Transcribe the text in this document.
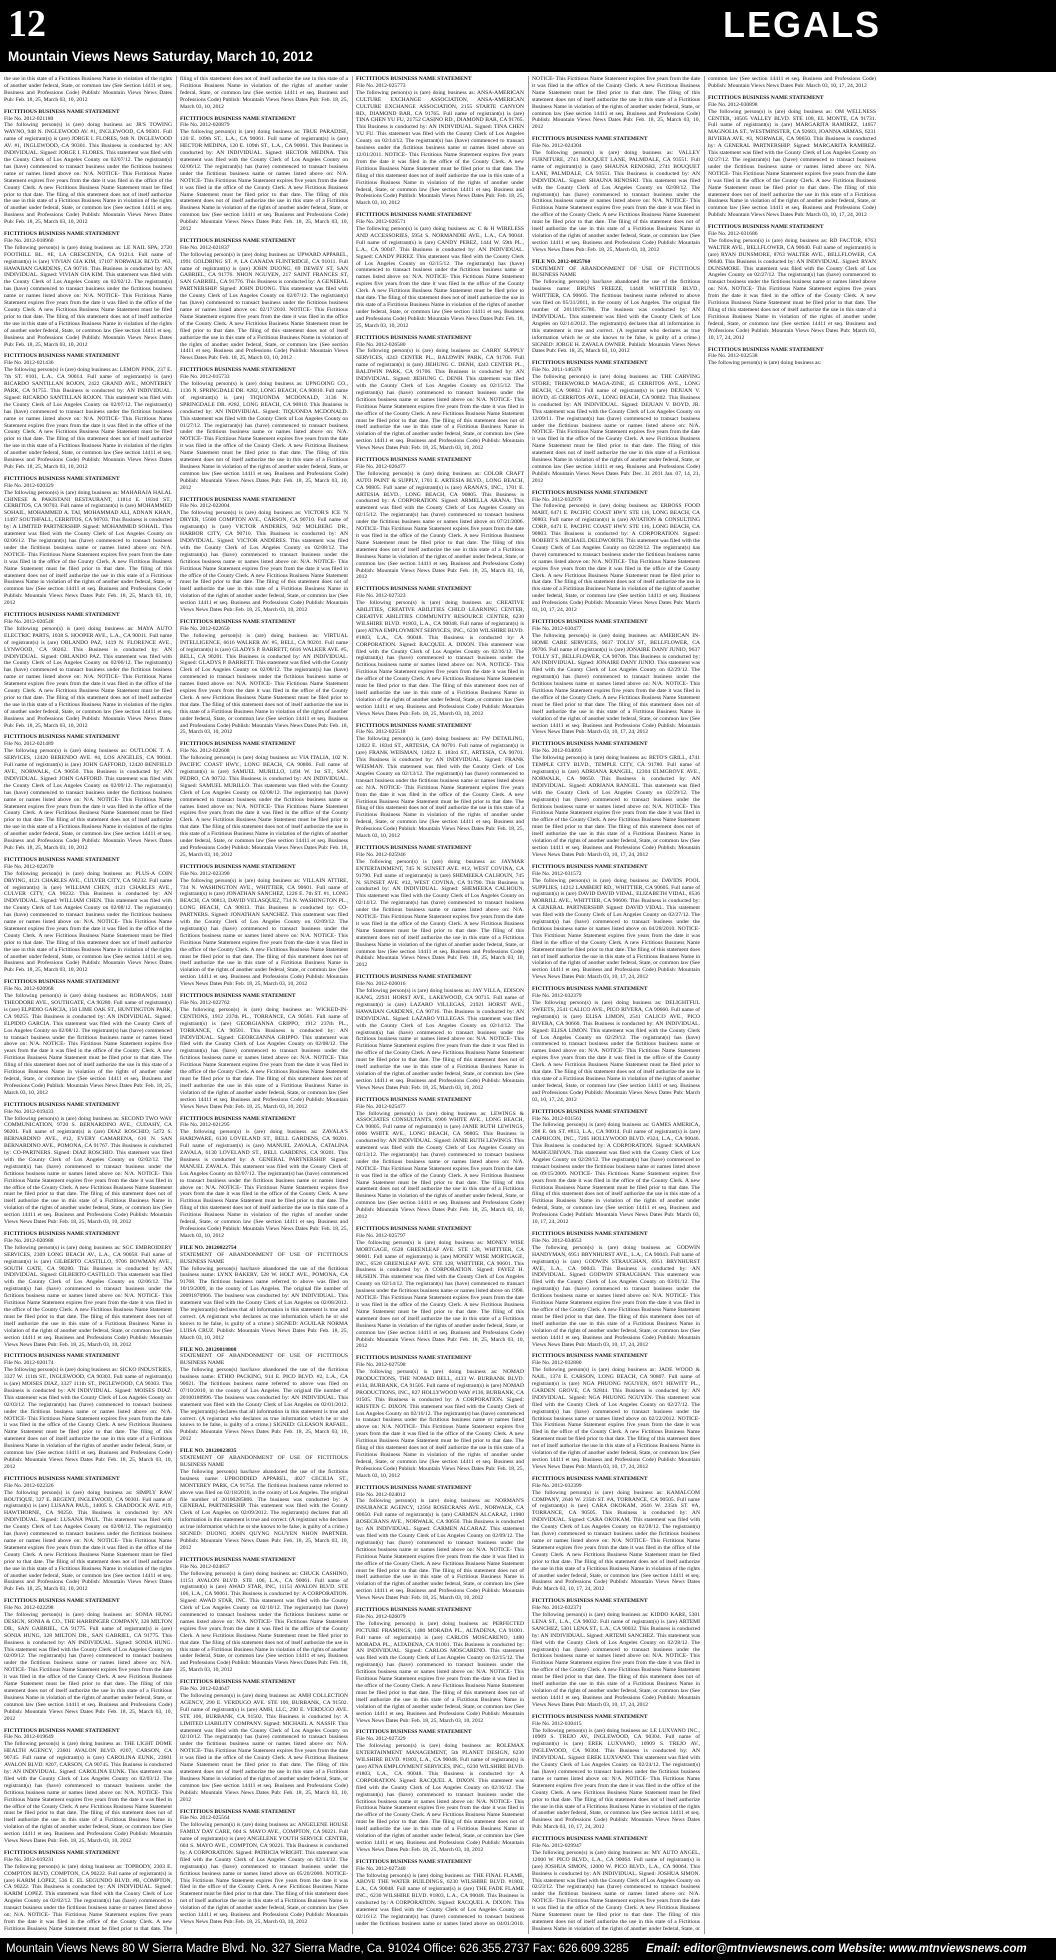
12	LEGALS
Mountain Views News Saturday, March 10, 2012

the use in this state of a Fictitious Business Name in violation of the rights of another under federal, State, or common law (See Section 14411 et seq. Business and Professions Code) Publish: Mountain Views News Dates Pub: Feb. 18, 25, March 03, 10, 2012

FICTITIOUS BUSINESS NAME STATEMENT

File No. 2012-021180

The following person(s) is (are) doing business as: JR'S TOWING WAYNO, 948 N. INGLEWOOD AV. #1, INGLEWOOD, CA 90301. Full name of registrant(s) is (are) JORGE I. FLORES, 948 N. INGLEWOOD AV. #1, INGLEWOOD, CA 90301. This Business is conducted by: AN INDIVIDUAL. Signed: JORGE I. FLORES. This statement was filed with the County Clerk of Los Angeles County on 02/07/12. The registrant(s) has (have) commenced to transact business under the fictitious business name or names listed above on: N/A. NOTICE- This Fictitious Name Statement expires five years from the date it was filed in the office of the County Clerk. A new Fictitious Business Name Statement must be filed prior to that date. The filing of this statement does not of itself authorize the use in this state of a Fictitious Business Name in violation of the rights of another under federal, State, or common law (See section 14411 et seq. Business and Professions Code) Publish: Mountain Views News Dates Pub: Feb. 18, 25, March 03, 10, 2012

FICTITIOUS BUSINESS NAME STATEMENT

File No. 2012-018960

The following person(s) is (are) doing business as: LE NAIL SPA, 2720 FOOTHILL BL. #E, LA CRESCENTA, CA 91214. Full name of registrant(s) is (are) VIVIAN GIA KIM, 17107 NORWALK BLVD. #63, HAWAIIAN GARDENS, CA 90716. This Business is conducted by: AN INDIVIDUAL. Signed: VIVIAN GIA KIM. This statement was filed with the County Clerk of Los Angeles County on 02/02/12. The registrant(s) has (have) commenced to transact business under the fictitious business name or names listed above on: N/A. NOTICE- This Fictitious Name Statement expires five years from the date it was filed in the office of the County Clerk. A new Fictitious Business Name Statement must be filed prior to that date. The filing of this statement does not of itself authorize the use in this state of a Fictitious Business Name in violation of the rights of another under federal, State, or common law (See section 14411 et seq. Business and Professions Code) Publish: Mountain Views News Dates Pub: Feb. 18, 25, March 03, 10, 2012

FICTITIOUS BUSINESS NAME STATEMENT

File No. 2012-021436

The following person(s) is (are) doing business as: LEMON PINK, 237 E. 7th ST. #101, L.A., CA 90014. Full name of registrant(s) is (are) RICARDO SANTILLAN ROJON, 2422 GRAND AVE., MONTEREY PARK, CA 91755. This Business is conducted by: AN INDIVIDUAL. Signed: RICARDO SANTILLAN ROJON. This statement was filed with the County Clerk of Los Angeles County on 02/07/12. The registrant(s) has (have) commenced to transact business under the fictitious business name or names listed above on: N/A. NOTICE- This Fictitious Name Statement expires five years from the date it was filed in the office of the County Clerk. A new Fictitious Business Name Statement must be filed prior to that date. The filing of this statement does not of itself authorize the use in this state of a Fictitious Business Name in violation of the rights of another under federal, State, or common law (See section 14411 et seq. Business and Professions Code) Publish: Mountain Views News Dates Pub: Feb. 18, 25, March 03, 10, 2012

FICTITIOUS BUSINESS NAME STATEMENT

File No. 2012-020329

The following person(s) is (are) doing business as: MAHARAJA HALAL CHINESE & PAKISTANI RESTAURANT, 11814 E. 183rd ST., CERRITOS, CA 90703. Full name of registrant(s) is (are) MOHAMMED SOHAIL, MOHAMMED A. TAI, MOHAMMAD ALI, ADNAN KHAN, 11497 SOUTHFALL, CERRITOS, CA 90703. This Business is conducted by: A LIMITED PARTNERSHIP. Signed: MOHAMMED SOHAIL. This statement was filed with the County Clerk of Los Angeles County on 02/06/12. The registrant(s) has (have) commenced to transact business under the fictitious business name or names listed above on: N/A. NOTICE- This Fictitious Name Statement expires five years from the date it was filed in the office of the County Clerk. A new Fictitious Business Name Statement must be filed prior to that date. The filing of this statement does not of itself authorize the use in this state of a Fictitious Business Name in violation of the rights of another under federal, State, or common law (See section 14411 et seq. Business and Professions Code) Publish: Mountain Views News Dates Pub: Feb. 18, 25, March 03, 10, 2012

FICTITIOUS BUSINESS NAME STATEMENT

File No. 2012-020548

The following person(s) is (are) doing business as: MAYA AUTO ELECTRIC PARTS, 1038 S. HOOPER AVE., L.A., CA 90011. Full name of registrant(s) is (are) ORLANDO PAZ, 1419 N. FLORENCE AVE., LYNWOOD, CA 90262. This Business is conducted by: AN INDIVIDUAL. Signed: ORLANDO PAZ. This statement was filed with the County Clerk of Los Angeles County on 02/06/12. The registrant(s) has (have) commenced to transact business under the fictitious business name or names listed above on: N/A. NOTICE- This Fictitious Name Statement expires five years from the date it was filed in the office of the County Clerk. A new Fictitious Business Name Statement must be filed prior to that date. The filing of this statement does not of itself authorize the use in this state of a Fictitious Business Name in violation of the rights of another under federal, State, or common law (See section 14411 et seq. Business and Professions Code) Publish: Mountain Views News Dates Pub: Feb. 18, 25, March 03, 10, 2012

FICTITIOUS BUSINESS NAME STATEMENT

File No. 2012-021489

The following person(s) is (are) doing business as: OUTLOOK T. A. SERVICES, 12420 BERENDO AVE. #4, LOS ANGELES, CA 90044. Full name of registrant(s) is (are) JOHN GAFFORD, 12420 BENFIELD AVE., NORWALK, CA 90650. This Business is conducted by: AN INDIVIDUAL. Signed: JOHN GAFFORD. This statement was filed with the County Clerk of Los Angeles County on 02/09/12. The registrant(s) has (have) commenced to transact business under the fictitious business name or names listed above on: N/A. NOTICE- This Fictitious Name Statement expires five years from the date it was filed in the office of the County Clerk. A new Fictitious Business Name Statement must be filed prior to that date. The filing of this statement does not of itself authorize the use in this state of a Fictitious Business Name in violation of the rights of another under federal, State, or common law (See section 14411 et seq. Business and Professions Code) Publish: Mountain Views News Dates Pub: Feb. 18, 25, March 03, 10, 2012

FICTITIOUS BUSINESS NAME STATEMENT

File No. 2012-022670

The following person(s) is (are) doing business as: PLUS-A COIN DRYING, 4121 CHARLES AVE., CULVER CITY, CA 90232. Full name of registrant(s) is (are) WILLIAM CHEN, 4121 CHARLES AVE., CULVER CITY, CA 90232. This Business is conducted by: AN INDIVIDUAL. Signed: WILLIAM CHEN. This statement was filed with the County Clerk of Los Angeles County on 02/08/12. The registrant(s) has (have) commenced to transact business under the fictitious business name or names listed above on: N/A. NOTICE- This Fictitious Name Statement expires five years from the date it was filed in the office of the County Clerk. A new Fictitious Business Name Statement must be filed prior to that date. The filing of this statement does not of itself authorize the use in this state of a Fictitious Business Name in violation of the rights of another under federal, State, or common law (See section 14411 et seq. Business and Professions Code) Publish: Mountain Views News Dates Pub: Feb. 18, 25, March 03, 10, 2012

FICTITIOUS BUSINESS NAME STATEMENT

File No. 2012-020968

The following person(s) is (are) doing business as: ROBANOS, 1448 THEODORE AVE., SOUTHGATE, CA 90280. Full name of registrant(s) is (are) ELPIDIO GARCIA, 150 LIME OAK ST., HUNTINGTON PARK, CA 90255. This Business is conducted by: AN INDIVIDUAL. Signed: ELPIDIO GARCIA. This statement was filed with the County Clerk of Los Angeles County on 02/08/12. The registrant(s) has (have) commenced to transact business under the fictitious business name or names listed above on: N/A. NOTICE- This Fictitious Name Statement expires five years from the date it was filed in the office of the County Clerk. A new Fictitious Business Name Statement must be filed prior to that date. The filing of this statement does not of itself authorize the use in this state of a Fictitious Business Name in violation of the rights of another under federal, State, or common law (See section 14411 et seq. Business and Professions Code) Publish: Mountain Views News Dates Pub: Feb. 18, 25, March 03, 10, 2012

FICTITIOUS BUSINESS NAME STATEMENT

File No. 2012-019433

The following person(s) is (are) doing business as: SECOND TWO WAY COMMUNICATION, 9720 S. BERNARDINO AVE., CUDAHY, CA 90201. Full name of registrant(s) is (are) DIAZ ROSCHIO, 5472 S. BERNARDINO AVE., #12, EVERY CAMARENA, 610 N. SAN BERNARDINO AVE., POMONA, CA 91767. This Business is conducted by: CO-PARTNERS. Signed: DIAZ ROSCHIO. This statement was filed with the County Clerk of Los Angeles County on 02/02/12. The registrant(s) has (have) commenced to transact business under the fictitious business name or names listed above on: N/A. NOTICE- This Fictitious Name Statement expires five years from the date it was filed in the office of the County Clerk. A new Fictitious Business Name Statement must be filed prior to that date. The filing of this statement does not of itself authorize the use in this state of a Fictitious Business Name in violation of the rights of another under federal, State, or common law (See section 14411 et seq. Business and Professions Code) Publish: Mountain Views News Dates Pub: Feb. 18, 25, March 03, 10, 2012

FICTITIOUS BUSINESS NAME STATEMENT

File No. 2012-020988

The following person(s) is (are) doing business as: SGC EMBROIDERY SERVICES, 2309 LONG BEACH AV., L.A., CA 90058. Full name of registrant(s) is (are) GILBERTO CASTILLO, 9706 BOWMAN AVE., SOUTH GATE, CA 90280. This Business is conducted by: AN INDIVIDUAL. Signed: GILBERTO CASTILLO. This statement was filed with the County Clerk of Los Angeles County on 02/06/12. The registrant(s) has (have) commenced to transact business under the fictitious business name or names listed above on: N/A. NOTICE- This Fictitious Name Statement expires five years from the date it was filed in the office of the County Clerk. A new Fictitious Business Name Statement must be filed prior to that date. The filing of this statement does not of itself authorize the use in this state of a Fictitious Business Name in violation of the rights of another under federal, State, or common law (See section 14411 et seq. Business and Professions Code) Publish: Mountain Views News Dates Pub: Feb. 18, 25, March 03, 10, 2012

FICTITIOUS BUSINESS NAME STATEMENT

File No. 2012-020174

The following person(s) is (are) doing business as: SICKO INDUSTRIES, 3327 W. 111th ST., INGLEWOOD, CA 90303. Full name of registrant(s) is (are) MOISES DIAZ, 3327 111th ST., INGLEWOOD, CA 90303. This Business is conducted by: AN INDIVIDUAL. Signed: MOISES DIAZ. This statement was filed with the County Clerk of Los Angeles County on 02/03/12. The registrant(s) has (have) commenced to transact business under the fictitious business name or names listed above on: N/A. NOTICE- This Fictitious Name Statement expires five years from the date it was filed in the office of the County Clerk. A new Fictitious Business Name Statement must be filed prior to that date. The filing of this statement does not of itself authorize the use in this state of a Fictitious Business Name in violation of the rights of another under federal, State, or common law (See section 14411 et seq. Business and Professions Code) Publish: Mountain Views News Dates Pub: Feb. 18, 25, March 03, 10, 2012

FICTITIOUS BUSINESS NAME STATEMENT

File No. 2012-022326

The following person(s) is (are) doing business as: SIMPLY RAW BOUTIQUE, 327 E. REGENT, INGLEWOOD, CA 90301. Full name of registrant(s) is (are) LUSANA PAUL, 14005 S. CRADDOCK AVE. #19, HAWTHORNE, CA 90250. This Business is conducted by: AN INDIVIDUAL. Signed: LUSANA PAUL. This statement was filed with the County Clerk of Los Angeles County on 02/08/12. The registrant(s) has (have) commenced to transact business under the fictitious business name or names listed above on: N/A. NOTICE- This Fictitious Name Statement expires five years from the date it was filed in the office of the County Clerk. A new Fictitious Business Name Statement must be filed prior to that date. The filing of this statement does not of itself authorize the use in this state of a Fictitious Business Name in violation of the rights of another under federal, State, or common law (See section 14411 et seq. Business and Professions Code) Publish: Mountain Views News Dates Pub: Feb. 18, 25, March 03, 10, 2012

FICTITIOUS BUSINESS NAME STATEMENT

File No. 2012-022298

The following person(s) is (are) doing business as: SONIA HUNG DESIGN, SONIA & CO., THE HARBINGER COMPANY, 328 MILTON DR., SAN GABRIEL, CA 91775. Full name of registrant(s) is (are) SONIA HUNG, 328 MILTON DR., SAN GABRIEL, CA 91775. This Business is conducted by: AN INDIVIDUAL. Signed: SONIA HUNG. This statement was filed with the County Clerk of Los Angeles County on 02/09/12. The registrant(s) has (have) commenced to transact business under the fictitious business name or names listed above on: N/A. NOTICE- This Fictitious Name Statement expires five years from the date it was filed in the office of the County Clerk. A new Fictitious Business Name Statement must be filed prior to that date. The filing of this statement does not of itself authorize the use in this state of a Fictitious Business Name in violation of the rights of another under federal, State, or common law (See section 14411 et seq. Business and Professions Code) Publish: Mountain Views News Dates Pub: Feb. 18, 25, March 03, 10, 2012

FICTITIOUS BUSINESS NAME STATEMENT

File No. 2012-019649

The following person(s) is (are) doing business as: THE LIGHT DOME HEALTH AGENCY, 23601 AVALON BLVD. #207, CARSON, CA 90745. Full name of registrant(s) is (are) CAROLINA EUNK, 23601 AVALON BLVD. #207, CARSON, CA 90745. This Business is conducted by: AN INDIVIDUAL. Signed: CAROLINA EUNK. This statement was filed with the County Clerk of Los Angeles County on 02/03/12. The registrant(s) has (have) commenced to transact business under the fictitious business name or names listed above on: N/A. NOTICE- This Fictitious Name Statement expires five years from the date it was filed in the office of the County Clerk. A new Fictitious Business Name Statement must be filed prior to that date. The filing of this statement does not of itself authorize the use in this state of a Fictitious Business Name in violation of the rights of another under federal, State, or common law (See section 14411 et seq. Business and Professions Code) Publish: Mountain Views News Dates Pub: Feb. 18, 25, March 03, 10, 2012

FICTITIOUS BUSINESS NAME STATEMENT

File No. 2012-019231

The following person(s) is (are) doing business as: TOPBODY, 2303 E. COMPTON BLVD, COMPTON, CA 90222. Full name of registrant(s) is (are) KARIM LOPEZ, 536 E. EL SEGUNDO BLVD. #B, COMPTON, CA 90222. This Business is conducted by: AN INDIVIDUAL. Signed: KARIM LOPEZ. This statement was filed with the County Clerk of Los Angeles County on 02/02/12. The registrant(s) has (have) commenced to transact business under the fictitious business name or names listed above on: N/A. NOTICE- This Fictitious Name Statement expires five years from the date it was filed in the office of the County Clerk. A new Fictitious Business Name Statement must be filed prior to that date. The filing of this statement does not of itself authorize the use in this state of a Fictitious Business Name in violation of the rights of another under federal, State, or common law (See section 14411 et seq. Business and Professions Code) Publish: Mountain Views News Dates Pub: Feb. 18, 25, March 03, 10, 2012

FICTITIOUS BUSINESS NAME STATEMENT

File No. 2012-020879

The following person(s) is (are) doing business as: TRUE PARADISE, 120 E. 109th ST., L.A., CA 90061. Full name of registrant(s) is (are) HECTOR MEDINA, 120 E. 109th ST., L.A., CA 90061. This Business is conducted by: AN INDIVIDUAL. Signed: HECTOR MEDINA. This statement was filed with the County Clerk of Los Angeles County on 02/06/12. The registrant(s) has (have) commenced to transact business under the fictitious business name or names listed above on: N/A. NOTICE- This Fictitious Name Statement expires five years from the date it was filed in the office of the County Clerk. A new Fictitious Business Name Statement must be filed prior to that date. The filing of this statement does not of itself authorize the use in this state of a Fictitious Business Name in violation of the rights of another under federal, State, or common law (See section 14411 et seq. Business and Professions Code) Publish: Mountain Views News Dates Pub: Feb. 18, 25, March 03, 10, 2012

FICTITIOUS BUSINESS NAME STATEMENT

File No. 2012-021837

The following person(s) is (are) doing business as: UPWARD APPAREL, 1991 GOLDRING ST. #, LA CANADA FLINTRIDGE, CA 91011. Full name of registrant(s) is (are) JOHN DUONG, 69 DEWEY ST, SAN GABRIEL, CA 91776. NHON NGUYEN, 217 SAINT FRANCES ST, SAN GABRIEL, CA 91776. This Business is conducted by: A GENERAL PARTNERSHIP. Signed: JOHN DUONG. This statement was filed with the County Clerk of Los Angeles County on 02/07/12. The registrant(s) has (have) commenced to transact business under the fictitious business name or names listed above on: 02/17/2010. NOTICE- This Fictitious Name Statement expires five years from the date it was filed in the office of the County Clerk. A new Fictitious Business Name Statement must be filed prior to that date. The filing of this statement does not of itself authorize the use in this state of a Fictitious Business Name in violation of the rights of another under federal, State, or common law (See section 14411 et seq. Business and Professions Code) Publish: Mountain Views News Dates Pub: Feb. 18, 25, March 03, 10, 2012

FICTITIOUS BUSINESS NAME STATEMENT

File No. 2012-015733

The following person(s) is (are) doing business as: UPNGOING CO., 1136 N. SPRINGDALE DR. #282, LONG BEACH, CA 90810. Full name of registrant(s) is (are) TIQUONDA MCDONALD, 3136 N. SPRINGDALE DR. #282, LONG BEACH, CA 90810. This Business is conducted by: AN INDIVIDUAL. Signed: TIQUONDA MCDONALD. This statement was filed with the County Clerk of Los Angeles County on 01/27/12. The registrant(s) has (have) commenced to transact business under the fictitious business name or names listed above on: N/A. NOTICE- This Fictitious Name Statement expires five years from the date it was filed in the office of the County Clerk. A new Fictitious Business Name Statement must be filed prior to that date. The filing of this statement does not of itself authorize the use in this state of a Fictitious Business Name in violation of the rights of another under federal, State, or common law (See section 14411 et seq. Business and Professions Code) Publish: Mountain Views News Dates Pub: Feb. 18, 25, March 03, 10, 2012

FICTITIOUS BUSINESS NAME STATEMENT

File No. 2012-022004

The following person(s) is (are) doing business as: VICTOR'S ICE 'N DRYER, 15600 COMPTON AVE., CARSON, CA 90710. Full name of registrant(s) is (are) VICTOR ANDERES, 942 MOLBERG DR., HARBOR CITY, CA 90710. This Business is conducted by: AN INDIVIDUAL. Signed: VICTOR ANDERES. This statement was filed with the County Clerk of Los Angeles County on 02/08/12. The registrant(s) has (have) commenced to transact business under the fictitious business name or names listed above on: N/A. NOTICE- This Fictitious Name Statement expires five years from the date it was filed in the office of the County Clerk. A new Fictitious Business Name Statement must be filed prior to that date. The filing of this statement does not of itself authorize the use in this state of a Fictitious Business Name in violation of the rights of another under federal, State, or common law (See section 14411 et seq. Business and Professions Code) Publish: Mountain Views News Dates Pub: Feb. 18, 25, March 03, 10, 2012

FICTITIOUS BUSINESS NAME STATEMENT

File No. 2012-022650

The following person(s) is (are) doing business as: VIRTUAL INTELLIGENCE, 6616 WALKER AV. #5, BELL, CA 90201. Full name of registrant(s) is (are) GLADYS P. BARRETT, 6616 WALKER AVE. #5, BELL, CA 90201. This Business is conducted by: AN INDIVIDUAL. Signed: GLADYS P. BARRETT. This statement was filed with the County Clerk of Los Angeles County on 02/08/12. The registrant(s) has (have) commenced to transact business under the fictitious business name or names listed above on: N/A. NOTICE- This Fictitious Name Statement expires five years from the date it was filed in the office of the County Clerk. A new Fictitious Business Name Statement must be filed prior to that date. The filing of this statement does not of itself authorize the use in this state of a Fictitious Business Name in violation of the rights of another under federal, State, or common law (See section 14411 et seq. Business and Professions Code) Publish: Mountain Views News Dates Pub: Feb. 18, 25, March 03, 10, 2012

FICTITIOUS BUSINESS NAME STATEMENT

File No. 2012-022608

The following person(s) is (are) doing business as: VIA ITALIA, 102 N. PACIFIC COAST HWY., LONG BEACH, CA 90806. Full name of registrant(s) is (are) SAMUEL MURILLO, 1494 W. 1st ST., SAN PEDRO, CA 90732. This Business is conducted by: AN INDIVIDUAL. Signed: SAMUEL MURILLO. This statement was filed with the County Clerk of Los Angeles County on 02/08/12. The registrant(s) has (have) commenced to transact business under the fictitious business name or names listed above on: N/A. NOTICE- This Fictitious Name Statement expires five years from the date it was filed in the office of the County Clerk. A new Fictitious Business Name Statement must be filed prior to that date. The filing of this statement does not of itself authorize the use in this state of a Fictitious Business Name in violation of the rights of another under federal, State, or common law (See section 14411 et seq. Business and Professions Code) Publish: Mountain Views News Dates Pub: Feb. 18, 25, March 03, 10, 2012

FICTITIOUS BUSINESS NAME STATEMENT

File No. 2012-023390

The following person(s) is (are) doing business as: VILLAIN ATTIRE, 734 N. WASHINGTON AVE., WHITTIER, CA 90601. Full name of registrant(s) is (are) JONATHAN SANCHEZ, 1226 E. 7th ST. #1, LONG BEACH, CA 90813, DAVID VELASQUEZ, 734 N. WASHINGTON PL., LONG BEACH, CA 90813. This Business is conducted by: CO-PARTNERS. Signed: JONATHAN SANCHEZ. This statement was filed with the County Clerk of Los Angeles County on 02/09/12. The registrant(s) has (have) commenced to transact business under the fictitious business name or names listed above on: N/A. NOTICE- This Fictitious Name Statement expires five years from the date it was filed in the office of the County Clerk. A new Fictitious Business Name Statement must be filed prior to that date. The filing of this statement does not of itself authorize the use in this state of a Fictitious Business Name in violation of the rights of another under federal, State, or common law (See section 14411 et seq. Business and Professions Code) Publish: Mountain Views News Dates Pub: Feb. 18, 25, March 03, 10, 2012

FICTITIOUS BUSINESS NAME STATEMENT

File No. 2012-022762

The following person(s) is (are) doing business as: WICKED-IN-CENTIONS, 1912 237th PL., TORRANCE, CA 90501. Full name of registrant(s) is (are) GEORGIANNA GRIPPO, 1912 237th PL., TORRANCE, CA 90501. This Business is conducted by: AN INDIVIDUAL. Signed: GEORGIANNA GRIPPO. This statement was filed with the County Clerk of Los Angeles County on 02/08/12. The registrant(s) has (have) commenced to transact business under the fictitious business name or names listed above on: N/A. NOTICE- This Fictitious Name Statement expires five years from the date it was filed in the office of the County Clerk. A new Fictitious Business Name Statement must be filed prior to that date. The filing of this statement does not of itself authorize the use in this state of a Fictitious Business Name in violation of the rights of another under federal, State, or common law (See section 14411 et seq. Business and Professions Code) Publish: Mountain Views News Dates Pub: Feb. 18, 25, March 03, 10, 2012

FICTITIOUS BUSINESS NAME STATEMENT

File No. 2012-021295

The following person(s) is (are) doing business as: ZAVALA'S HARDWARE, 6130 LOVELAND ST., BELL GARDENS, CA 90201. Full name of registrant(s) is (are) MANUEL ZAVALA, CATALINA ZAVALA, 6130 LOVELAND ST., BELL GARDENS, CA 90201. This Business is conducted by: A GENERAL PARTNERSHIP. Signed: MANUEL ZAVALA. This statement was filed with the County Clerk of Los Angeles County on 02/07/12. The registrant(s) has (have) commenced to transact business under the fictitious business name or names listed above on: N/A. NOTICE- This Fictitious Name Statement expires five years from the date it was filed in the office of the County Clerk. A new Fictitious Business Name Statement must be filed prior to that date. The filing of this statement does not of itself authorize the use in this state of a Fictitious Business Name in violation of the rights of another under federal, State, or common law (See section 14411 et seq. Business and Professions Code) Publish: Mountain Views News Dates Pub: Feb. 18, 25, March 03, 10, 2012

FILE NO. 20120022754

STATEMENT OF ABANDONMENT OF USE OF FICTITIOUS BUSINESS NAME

The following person(s) has/have abandoned the use of the fictitious business name: LYNX BAKERY, 528 W. HOLT AVE., POMONA, CA 91768. The fictitious business name referred to above was filed on 10/19/2009, in the county of Los Angeles. The original file number of 20091870966. The business was conducted by: AN INDIVIDUAL. This statement was filed with the County Clerk of Los Angeles on 02/08/2012. The registrant(s) declares that all information in this statement is true and correct. (A registrant who declares as true information which he or she knows to be false, is guilty of a crime.) SIGNED: AGUILAR NORMA LUISA CRUZ. Publish: Mountain Views News Dates Pub: Feb. 18, 25, March 03, 10, 2012

FILE NO. 20120018808

STATEMENT OF ABANDONMENT OF USE OF FICTITIOUS BUSINESS NAME

The following person(s) has/have abandoned the use of the fictitious business name: ETHIO PACKING, 914 E. PICO BLVD. #2, L.A., CA 90021. The fictitious business name referred to above was filed on 07/10/2010, in the county of Los Angeles. The original file number of 20100180996. The business was conducted by: AN INDIVIDUAL. This statement was filed with the County Clerk of Los Angeles on 02/01/2012. The registrant(s) declares that all information in this statement is true and correct. (A registrant who declares as true information which he or she knows to be false, is guilty of a crime.) SIGNED: GLEASON RAFAEL. Publish: Mountain Views News Dates Pub: Feb. 18, 25, March 03, 10, 2012

FILE NO. 20120023835

STATEMENT OF ABANDONMENT OF USE OF FICTITIOUS BUSINESS NAME

The following person(s) has/have abandoned the use of the fictitious business name: UPBODDIED APPAREL, 4027 CECILIA ST., MONTEREY PARK, CA 91754. The fictitious business name referred to above was filed on 02/18/2010, in the county of Los Angeles. The original file number of 20100285806. The business was conducted by: A GENERAL PARTNERSHIP. This statement was filed with the County Clerk of Los Angeles on 02/09/2012. The registrant(s) declares that all information in this statement is true and correct. (A registrant who declares as true information which he or she knows to be false, is guilty of a crime.) SIGNED: DUONG JOHN QUYNG NGUYEN NHON PARTNER. Publish: Mountain Views News Dates Pub: Feb. 18, 25, March 03, 10, 2012

FICTITIOUS BUSINESS NAME STATEMENT

File No. 2012-024857

The following person(s) is (are) doing business as: CHUCK CASHINO, 11151 AVALON BLVD. STE 106, L.A., CA 90061. Full name of registrant(s) is (are) AWAD STAR, INC, 11151 AVALON BLVD. STE 106, L.A., CA 90061. This Business is conducted by: A CORPORATION. Signed: AWAD STAR, INC. This statement was filed with the County Clerk of Los Angeles County on 02/10/12. The registrant(s) has (have) commenced to transact business under the fictitious business name or names listed above on: N/A. NOTICE- This Fictitious Name Statement expires five years from the date it was filed in the office of the County Clerk. A new Fictitious Business Name Statement must be filed prior to that date. The filing of this statement does not of itself authorize the use in this state of a Fictitious Business Name in violation of the rights of another under federal, State, or common law (See section 14411 et seq. Business and Professions Code) Publish: Mountain Views News Dates Pub: Feb. 18, 25, March 03, 10, 2012

FICTITIOUS BUSINESS NAME STATEMENT

File No. 2012-024647

The following person(s) is (are) doing business as: AMH COLLECTION AGENCY, 290 E. VERDUGO AVE. STE 106, BURBANK, CA 91502. Full name of registrant(s) is (are) AMH, LLC, 290 E. VERDUGO AVE. STE 106, BURBANK, CA 91502. This Business is conducted by: A LIMITED LIABILITY COMPANY. Signed: MICHAEL A. NASSIF. This statement was filed with the County Clerk of Los Angeles County on 02/10/12. The registrant(s) has (have) commenced to transact business under the fictitious business name or names listed above on: N/A. NOTICE- This Fictitious Name Statement expires five years from the date it was filed in the office of the County Clerk. A new Fictitious Business Name Statement must be filed prior to that date. The filing of this statement does not of itself authorize the use in this state of a Fictitious Business Name in violation of the rights of another under federal, State, or common law (See section 14411 et seq. Business and Professions Code) Publish: Mountain Views News Dates Pub: Feb. 18, 25, March 03, 10, 2012

FICTITIOUS BUSINESS NAME STATEMENT

File No. 2012-025564

The following person(s) is (are) doing business as: ANGELENE HOUSE FAMILY DAY CARE, 604 S. MAYO AVE., COMPTON, CA 90221. Full name of registrant(s) is (are) ANGELENE YOUTH SERVICE CENTER, 604 S. MAYO AVE., COMPTON, CA 90221. This Business is conducted by: A CORPORATION. Signed: PATRICIA WRIGHT. This statement was filed with the County Clerk of Los Angeles County on 02/14/12. The registrant(s) has (have) commenced to transact business under the fictitious business name or names listed above on 05/20/2000. NOTICE- This Fictitious Name Statement expires five years from the date it was filed in the office of the County Clerk. A new Fictitious Business Name Statement must be filed prior to that date. The filing of this statement does not of itself authorize the use in this state of a Fictitious Business Name in violation of the rights of another under federal, State, or common law (See section 14411 et seq. Business and Professions Code) Publish: Mountain Views News Dates Pub: Feb. 18, 25, March 03, 10, 2012

FICTITIOUS BUSINESS NAME STATEMENT

File No. 2012-025773

The following person(s) is (are) doing business as: ANSA-AMERICAN CULTURE EXCHANGE ASSOCIATION, ANSA-AMERICAN CULTURE EXCHANGE ASSOCIATION, 2155 STARTE CANYON RD., DIAMOND BAR, CA 91765. Full name of registrant(s) is (are) TINA CHEN YU FU, 21752 CASINO RD., DIAMOND BAR, CA 91765. This Business is conducted by: AN INDIVIDUAL. Signed: TINA CHEN YU FU. This statement was filed with the County Clerk of Los Angeles County on 02/14/12. The registrant(s) has (have) commenced to transact business under the fictitious business name or names listed above on 12/01/2011. NOTICE- This Fictitious Name Statement expires five years from the date it was filed in the office of the County Clerk. A new Fictitious Business Name Statement must be filed prior to that date. The filing of this statement does not of itself authorize the use in this state of a Fictitious Business Name in violation of the rights of another under federal, State, or common law (See section 14411 et seq. Business and Professions Code) Publish: Mountain Views News Dates Pub: Feb. 18, 25, March 03, 10, 2012

FICTITIOUS BUSINESS NAME STATEMENT

File No. 2012-026571

The following person(s) is (are) doing business as: C & H WIRELESS AND ACCESSORIES, 5954 S. NORMANDIE AVE., L.A., CA 90044. Full name of registrant(s) is (are) CANDY PEREZ, 1444 W. 59th PL., L.A., CA 90047. This Business is conducted by: AN INDIVIDUAL. Signed: CANDY PEREZ. This statement was filed with the County Clerk of Los Angeles County on 02/15/12. The registrant(s) has (have) commenced to transact business under the fictitious business name or names listed above on: N/A. NOTICE- This Fictitious Name Statement expires five years from the date it was filed in the office of the County Clerk. A new Fictitious Business Name Statement must be filed prior to that date. The filing of this statement does not of itself authorize the use in this state of a Fictitious Business Name in violation of the rights of another under federal, State, or common law (See section 14411 et seq. Business and Professions Code) Publish: Mountain Views News Dates Pub: Feb. 18, 25, March 03, 10, 2012

FICTITIOUS BUSINESS NAME STATEMENT

File No. 2012-026580

The following person(s) is (are) doing business as: CARRY SUPPLY SERVICES, 4243 CENTER PL., BALDWIN PARK, CA 91706. Full name of registrant(s) is (are) JIEHUNG C. DENH, 4243 CENTER PL., BALDWIN PARK, CA 91706. This Business is conducted by: AN INDIVIDUAL. Signed: JIEHUNG C. DENH. This statement was filed with the County Clerk of Los Angeles County on 02/15/12. The registrant(s) has (have) commenced to transact business under the fictitious business name or names listed above on: N/A. NOTICE- This Fictitious Name Statement expires five years from the date it was filed in the office of the County Clerk. A new Fictitious Business Name Statement must be filed prior to that date. The filing of this statement does not of itself authorize the use in this state of a Fictitious Business Name in violation of the rights of another under federal, State, or common law (See section 14411 et seq. Business and Professions Code) Publish: Mountain Views News Dates Pub: Feb. 18, 25, March 03, 10, 2012

FICTITIOUS BUSINESS NAME STATEMENT

File No. 2012-026477

The following person(s) is (are) doing business as: COLOR CRAFT AUTO PAINT & SUPPLY, 1701 E. ARTESIA BLVD., LONG BEACH, CA 90805. Full name of registrant(s) is (are) ARANA'S, INC., 1701 E. ARTESIA BLVD., LONG BEACH, CA 90805. This Business is conducted by: A CORPORATION. Signed: ARMELLA ARANA. This statement was filed with the County Clerk of Los Angeles County on 02/15/12. The registrant(s) has (have) commenced to transact business under the fictitious business name or names listed above on 07/21/2006. NOTICE- This Fictitious Name Statement expires five years from the date it was filed in the office of the County Clerk. A new Fictitious Business Name Statement must be filed prior to that date. The filing of this statement does not of itself authorize the use in this state of a Fictitious Business Name in violation of the rights of another under federal, State, or common law (See section 14411 et seq. Business and Professions Code) Publish: Mountain Views News Dates Pub: Feb. 18, 25, March 03, 10, 2012

FICTITIOUS BUSINESS NAME STATEMENT

File No. 2012-027323

The following person(s) is (are) doing business as: CREATIVE ABILITIES, CREATIVE ABILITIES CHILD LEARNING CENTER, CREATIVE ABILITIES COMMUNITY RESOURCE CENTER, 6230 WILSHIRE BLVD. #1803, L.A., CA 90048. Full name of registrant(s) is (are) ATNA EMPLOYMENT SERVICES, INC., 6230 WILSHIRE BLVD. #1803, L.A., CA 90048. This Business is conducted by: A CORPORATION. Signed: RACQUEL A. DIXON. This statement was filed with the County Clerk of Los Angeles County on 02/16/12. The registrant(s) has (have) commenced to transact business under the fictitious business name or names listed above on: N/A. NOTICE- This Fictitious Name Statement expires five years from the date it was filed in the office of the County Clerk. A new Fictitious Business Name Statement must be filed prior to that date. The filing of this statement does not of itself authorize the use in this state of a Fictitious Business Name in violation of the rights of another under federal, State, or common law (See section 14411 et seq. Business and Professions Code) Publish: Mountain Views News Dates Pub: Feb. 18, 25, March 03, 10, 2012

FICTITIOUS BUSINESS NAME STATEMENT

File No. 2012-025518

The following person(s) is (are) doing business as: FW DETAILING, 12022 E. 183rd ST., ARTESIA, CA 90701. Full name of registrant(s) is (are) FRANK WEISMAN, 12022 E. 183rd ST., ARTESIA, CA 90701. This Business is conducted by: AN INDIVIDUAL. Signed: FRANK WEISMAN. This statement was filed with the County Clerk of Los Angeles County on 02/13/12. The registrant(s) has (have) commenced to transact business under the fictitious business name or names listed above on: N/A. NOTICE- This Fictitious Name Statement expires five years from the date it was filed in the office of the County Clerk. A new Fictitious Business Name Statement must be filed prior to that date. The filing of this statement does not of itself authorize the use in this state of a Fictitious Business Name in violation of the rights of another under federal, State, or common law (See section 14411 et seq. Business and Professions Code) Publish: Mountain Views News Dates Pub: Feb. 18, 25, March 03, 10, 2012

FICTITIOUS BUSINESS NAME STATEMENT

File No. 2012-025946

The following person(s) is (are) doing business as: JAYMAR ENTERTAINMENT, 745 N. SUNSET AVE. #12, WEST COVINA, CA 91790. Full name of registrant(s) is (are) SHEMEEKA CALHOUN, 745 N. SUNSET AVE. #12, WEST COVINA, CA 91790. This Business is conducted by: AN INDIVIDUAL. Signed: SHEMEEKA CALHOUN. This statement was filed with the County Clerk of Los Angeles County on 02/14/12. The registrant(s) has (have) commenced to transact business under the fictitious business name or names listed above on: N/A. NOTICE- This Fictitious Name Statement expires five years from the date it was filed in the office of the County Clerk. A new Fictitious Business Name Statement must be filed prior to that date. The filing of this statement does not of itself authorize the use in this state of a Fictitious Business Name in violation of the rights of another under federal, State, or common law (See section 14411 et seq. Business and Professions Code) Publish: Mountain Views News Dates Pub: Feb. 18, 25, March 03, 10, 2012

FICTITIOUS BUSINESS NAME STATEMENT

File No. 2012-026016

The following person(s) is (are) doing business as: JAY VILLA, EDISON KANG, 22931 HORST AVE., LAKEWOOD, CA 90715. Full name of registrant(s) is (are) LAZARO VILLEGAS, 21921 HORST AVE., HAWAIIAN GARDENS, CA 90716. This Business is conducted by: AN INDIVIDUAL. Signed: LAZARO VILLEGAS. This statement was filed with the County Clerk of Los Angeles County on 02/14/12. The registrant(s) has (have) commenced to transact business under the fictitious business name or names listed above on: N/A. NOTICE- This Fictitious Name Statement expires five years from the date it was filed in the office of the County Clerk. A new Fictitious Business Name Statement must be filed prior to that date. The filing of this statement does not of itself authorize the use in this state of a Fictitious Business Name in violation of the rights of another under federal, State, or common law (See section 14411 et seq. Business and Professions Code) Publish: Mountain Views News Dates Pub: Feb. 18, 25, March 03, 10, 2012

FICTITIOUS BUSINESS NAME STATEMENT

File No. 2012-025477

The following person(s) is (are) doing business as: LEWINGS & ASSOCIATES CONSULTANTS, 6906 WHITE AVE., LONG BEACH, CA 90805. Full name of registrant(s) is (are) JANIE RUTH LEWINGS, 6906 WHITE AVE., LONG BEACH, CA 90805. This Business is conducted by: AN INDIVIDUAL. Signed: JANIE RUTH LEWINGS. This statement was filed with the County Clerk of Los Angeles County on 02/13/12. The registrant(s) has (have) commenced to transact business under the fictitious business name or names listed above on: N/A. NOTICE- This Fictitious Name Statement expires five years from the date it was filed in the office of the County Clerk. A new Fictitious Business Name Statement must be filed prior to that date. The filing of this statement does not of itself authorize the use in this state of a Fictitious Business Name in violation of the rights of another under federal, State, or common law (See section 14411 et seq. Business and Professions Code) Publish: Mountain Views News Dates Pub: Feb. 18, 25, March 03, 10, 2012

FICTITIOUS BUSINESS NAME STATEMENT

File No. 2012-025797

The following person(s) is (are) doing business as: MONEY WISE MORTGAGE, 6528 GREENLEAF AVE. STE 128, WHITTIER, CA 90601. Full name of registrant(s) is (are) MONEY WISE MORTGAGE, INC., 6528 GREENLEAF AVE. STE 128, WHITTIER, CA 90601. This Business is conducted by: A CORPORATION. Signed: FAYEZ H. HUSEIN. This statement was filed with the County Clerk of Los Angeles County on 02/14/12. The registrant(s) has (have) commenced to transact business under the fictitious business name or names listed above on 1998. NOTICE- This Fictitious Name Statement expires five years from the date it was filed in the office of the County Clerk. A new Fictitious Business Name Statement must be filed prior to that date. The filing of this statement does not of itself authorize the use in this state of a Fictitious Business Name in violation of the rights of another under federal, State, or common law (See section 14411 et seq. Business and Professions Code) Publish: Mountain Views News Dates Pub: Feb. 18, 25, March 03, 10, 2012

FICTITIOUS BUSINESS NAME STATEMENT

File No. 2012-027598

The following person(s) is (are) doing business as: NOMAD PRODUCTIONS, THE NOMAD BELL, 4133 W. BURBANK BLVD. #134, BURBANK, CA 91505. Full name of registrant(s) is (are) NOMAD PRODUCTIONS, INC., 827 HOLLYWOOD WAY #136, BURBANK, CA 91505. This Business is conducted by: A CORPORATION. Signed: KRISTEN C. DIXON. This statement was filed with the County Clerk of Los Angeles County on 02/16/12. The registrant(s) has (have) commenced to transact business under the fictitious business name or names listed above on: N/A. NOTICE- This Fictitious Name Statement expires five years from the date it was filed in the office of the County Clerk. A new Fictitious Business Name Statement must be filed prior to that date. The filing of this statement does not of itself authorize the use in this state of a Fictitious Business Name in violation of the rights of another under federal, State, or common law (See section 14411 et seq. Business and Professions Code) Publish: Mountain Views News Dates Pub: Feb. 18, 25, March 03, 10, 2012

FICTITIOUS BUSINESS NAME STATEMENT

File No. 2012-024012

The following person(s) is (are) doing business as: NORMAN'S INSURANCE AGENCY, 12564 ROSECRANS AVE., NORWALK, CA 90650. Full name of registrant(s) is (are) CARMEN ALCARAZ, 11980 ROSECRANS AVE., NORWALK, CA 90650. This Business is conducted by: AN INDIVIDUAL. Signed: CARMEN ALCARAZ. This statement was filed with the County Clerk of Los Angeles County on 02/09/12. The registrant(s) has (have) commenced to transact business under the fictitious business name or names listed above on: N/A. NOTICE- This Fictitious Name Statement expires five years from the date it was filed in the office of the County Clerk. A new Fictitious Business Name Statement must be filed prior to that date. The filing of this statement does not of itself authorize the use in this state of a Fictitious Business Name in violation of the rights of another under federal, State, or common law (See section 14411 et seq. Business and Professions Code) Publish: Mountain Views News Dates Pub: Feb. 18, 25, March 03, 10, 2012

FICTITIOUS BUSINESS NAME STATEMENT

File No. 2012-026079

The following person(s) is (are) doing business as: PERFECTED PICTURE FRAMINGS, 1480 MORADA PL., ALTADENA, CA 91001. Full name of registrant(s) is (are) CARLOS MOSCARENO, 1480 MORADA PL., ALTADENA, CA 91001. This Business is conducted by: AN INDIVIDUAL. Signed: CARLOS MOSCARENO. This statement was filed with the County Clerk of Los Angeles County on 02/15/12. The registrant(s) has (have) commenced to transact business under the fictitious business name or names listed above on: N/A. NOTICE- This Fictitious Name Statement expires five years from the date it was filed in the office of the County Clerk. A new Fictitious Business Name Statement must be filed prior to that date. The filing of this statement does not of itself authorize the use in this state of a Fictitious Business Name in violation of the rights of another under federal, State, or common law (See section 14411 et seq. Business and Professions Code) Publish: Mountain Views News Dates Pub: Feb. 18, 25, March 03, 10, 2012

FICTITIOUS BUSINESS NAME STATEMENT

File No. 2012-027329

The following person(s) is (are) doing business as: ROLEMAX ENTERTAINMENT MANAGEMENT, 5th PLANET DESIGN, 6230 WILSHIRE BLVD. #1803, L.A., CA 90048. Full name of registrant(s) is (are) ATNA EMPLOYMENT SERVICES, INC., 6230 WILSHIRE BLVD. #1803, L.A., CA 90048. This Business is conducted by: A CORPORATION. Signed: RACQUEL A. DIXON. This statement was filed with the County Clerk of Los Angeles County on 02/16/12. The registrant(s) has (have) commenced to transact business under the fictitious business name or names listed above on: N/A. NOTICE- This Fictitious Name Statement expires five years from the date it was filed in the office of the County Clerk. A new Fictitious Business Name Statement must be filed prior to that date. The filing of this statement does not of itself authorize the use in this state of a Fictitious Business Name in violation of the rights of another under federal, State, or common law (See section 14411 et seq. Business and Professions Code) Publish: Mountain Views News Dates Pub: Feb. 18, 25, March 03, 10, 2012

FICTITIOUS BUSINESS NAME STATEMENT

File No. 2012-027340

The following person(s) is (are) doing business as: THE FINAL FLAME, ABOVE THE WATER BUILDINGS, 6230 WILSHIRE BLVD. #1803, L.A., CA 90048. Full name of registrant(s) is (are) THE FADE FLAME INC., 6230 WILSHIRE BLVD. #1803, L.A., CA 90048. This Business is conducted by: A CORPORATION. Signed: RACQUEL A. DIXON. This statement was filed with the County Clerk of Los Angeles County on 02/16/12. The registrant(s) has (have) commenced to transact business under the fictitious business name or names listed above on 04/01/2010. NOTICE- This Fictitious Name Statement expires five years from the date it was filed in the office of the County Clerk. A new Fictitious Business Name Statement must be filed prior to that date. The filing of this statement does not of itself authorize the use in this state of a Fictitious Business Name in violation of the rights of another under federal, State, or common law (See section 14411 et seq. Business and Professions Code) Publish: Mountain Views News Dates Pub: Feb. 18, 25, March 03, 10, 2012

FICTITIOUS BUSINESS NAME STATEMENT

File No. 2012-024304

The following person(s) is (are) doing business as: VALLEY FURNITURE, 2741 BOUQUET LANE, PALMDALE, CA 93551. Full name of registrant(s) is (are) SHAUNA RENOSKI, 2741 BOUQUET LANE, PALMDALE, CA 93551. This Business is conducted by: AN INDIVIDUAL. Signed: SHAUNA RENOSKI. This statement was filed with the County Clerk of Los Angeles County on 02/08/12. The registrant(s) has (have) commenced to transact business under the fictitious business name or names listed above on: N/A. NOTICE- This Fictitious Name Statement expires five years from the date it was filed in the office of the County Clerk. A new Fictitious Business Name Statement must be filed prior to that date. The filing of this statement does not of itself authorize the use in this state of a Fictitious Business Name in violation of the rights of another under federal, State, or common law (See section 14411 et seq. Business and Professions Code) Publish: Mountain Views News Dates Pub: Feb. 18, 25, March 03, 10, 2012

FILE NO. 2012-0025760

STATEMENT OF ABANDONMENT OF USE OF FICTITIOUS BUSINESS NAME

The following person(s) has/have abandoned the use of the fictitious business name: BRUNS FREEZE, 14448 WHITTIER BLVD., WHITTIER, CA 90605. The fictitious business name referred to above was filed on 05/31/2011, in the county of Los Angeles. The original file number of 20110195786. The business was conducted by: AN INDIVIDUAL. This statement was filed with the County Clerk of Los Angeles on 02/14/2012. The registrant(s) declares that all information in this statement is true and correct. (A registrant who declares as true information which he or she knows to be false, is guilty of a crime.) SIGNED: JORGE H. ZAVALA OWNER. Publish: Mountain Views News Dates Pub: Feb. 18, 25, March 03, 10, 2012

FICTITIOUS BUSINESS NAME STATEMENT

File No. 2011-146378

The following person(s) is (are) doing business as: THE CARVING STORE; TREKWORLD MAGA-ZINE, 45 CERRITOS AVE., LONG BEACH, CA 90802. Full name of registrant(s) is (are) DEJUAN V. BOYD, 45 CERRITOS AVE., LONG BEACH, CA 90802. This Business is conducted by: AN INDIVIDUAL. Signed: DEJUAN V. BOYD, JR. This statement was filed with the County Clerk of Los Angeles County on 12/09/11. The registrant(s) has (have) commenced to transact business under the fictitious business name or names listed above on: N/A. NOTICE- This Fictitious Name Statement expires five years from the date it was filed in the office of the County Clerk. A new Fictitious Business Name Statement must be filed prior to that date. The filing of this statement does not of itself authorize the use in this state of a Fictitious Business Name in violation of the rights of another under federal, State, or common law (See section 14411 et seq. Business and Professions Code) Publish: Mountain Views News Dates Pub: Dec. 31 2011 Jan. 07, 14, 21, 2012

FICTITIOUS BUSINESS NAME STATEMENT

File No. 2012-032979

The following person(s) is (are) doing business as: ERBOSS FOOD MART, 6471 E. PACIFIC COAST HWY. STE 116, LONG BEACH, CA 90803. Full name of registrant(s) is (are) AVIATION & CONSULTING CORP., 6471 E. PACIFIC COAST HWY. STE 116, LONG BEACH, CA 90803. This Business is conducted by: A CORPORATION. Signed: ROBERT S. MICHAEL DELDWORTH. This statement was filed with the County Clerk of Los Angeles County on 02/28/12. The registrant(s) has (have) commenced to transact business under the fictitious business name or names listed above on: N/A. NOTICE- This Fictitious Name Statement expires five years from the date it was filed in the office of the County Clerk. A new Fictitious Business Name Statement must be filed prior to that date. The filing of this statement does not of itself authorize the use in this state of a Fictitious Business Name in violation of the rights of another under federal, State, or common law (See section 14411 et seq. Business and Professions Code) Publish: Mountain Views News Dates Pub: March 03, 10, 17, 24, 2012

FICTITIOUS BUSINESS NAME STATEMENT

File No. 2012-030477

The following person(s) is (are) doing business as: AMERICAN IN-HOME CARE SERVICES, 9637 TOLLY ST., BELLFLOWER, CA 90706. Full name of registrant(s) is (are) JONAIRE DANY JUNIO, 9637 TOLLY ST., BELLFLOWER, CA 90706. This Business is conducted by: AN INDIVIDUAL. Signed: JONAIRE DANY JUNIO. This statement was filed with the County Clerk of Los Angeles County on 02/29/12. The registrant(s) has (have) commenced to transact business under the fictitious business name or names listed above on: N/A. NOTICE- This Fictitious Name Statement expires five years from the date it was filed in the office of the County Clerk. A new Fictitious Business Name Statement must be filed prior to that date. The filing of this statement does not of itself authorize the use in this state of a Fictitious Business Name in violation of the rights of another under federal, State, or common law (See section 14411 et seq. Business and Professions Code) Publish: Mountain Views News Dates Pub: March 03, 10, 17, 24, 2012

FICTITIOUS BUSINESS NAME STATEMENT

File No. 2012-034093

The following person(s) is (are) doing business as: BETO'S GRILL, 4741 TEMPLE CITY BLVD., TEMPLE CITY, CA 91780. Full name of registrant(s) is (are) ADRIANA RANGEL, 12304 ELMGROVE AVE., NORWALK, CA 90650. This Business is conducted by: AN INDIVIDUAL. Signed: ADRIANA RANGEL. This statement was filed with the County Clerk of Los Angeles County on 02/29/12. The registrant(s) has (have) commenced to transact business under the fictitious business name or names listed above on: N/A. NOTICE- This Fictitious Name Statement expires five years from the date it was filed in the office of the County Clerk. A new Fictitious Business Name Statement must be filed prior to that date. The filing of this statement does not of itself authorize the use in this state of a Fictitious Business Name in violation of the rights of another under federal, State, or common law (See section 14411 et seq. Business and Professions Code) Publish: Mountain Views News Dates Pub: March 03, 10, 17, 24, 2012

FICTITIOUS BUSINESS NAME STATEMENT

File No. 2012-031572

The following person(s) is (are) doing business as: DAVIDS POOL SUPPLIES, 14212 LAMBERT RD., WHITTIER, CA 90605. Full name of registrant(s) is (are) DAVID DAVID VIDAL, ELIZABETH VIDAL, 8536 MORRILL AVE., WHITTIER, CA 90606. This Business is conducted by: A GENERAL PARTNERSHIP. Signed: DAVID VIDAL. This statement was filed with the County Clerk of Los Angeles County on 02/27/12. The registrant(s) has (have) commenced to transact business under the fictitious business name or names listed above on 04/28/2010. NOTICE- This Fictitious Name Statement expires five years from the date it was filed in the office of the County Clerk. A new Fictitious Business Name Statement must be filed prior to that date. The filing of this statement does not of itself authorize the use in this state of a Fictitious Business Name in violation of the rights of another under federal, State, or common law (See section 14411 et seq. Business and Professions Code) Publish: Mountain Views News Dates Pub: March 03, 10, 17, 24, 2012

FICTITIOUS BUSINESS NAME STATEMENT

File No. 2012-032379

The following person(s) is (are) doing business as: DELIGHTFUL SWEETS, 2541 CALICO AVE., PICO RIVERA, CA 90660. Full name of registrant(s) is (are) ELISA LIMON, 2541 CALICO AVE., PICO RIVERA, CA 90660. This Business is conducted by: AN INDIVIDUAL. Signed: ELISA LIMON. This statement was filed with the County Clerk of Los Angeles County on 02/29/12. The registrant(s) has (have) commenced to transact business under the fictitious business name or names listed above on: N/A. NOTICE- This Fictitious Name Statement expires five years from the date it was filed in the office of the County Clerk. A new Fictitious Business Name Statement must be filed prior to that date. The filing of this statement does not of itself authorize the use in this state of a Fictitious Business Name in violation of the rights of another under federal, State, or common law (See section 14411 et seq. Business and Professions Code) Publish: Mountain Views News Dates Pub: March 03, 10, 17, 24, 2012

FICTITIOUS BUSINESS NAME STATEMENT

File No. 2012-031561

The following person(s) is (are) doing business as: GAMES AMERICA, 208 E. 6th ST. #813, L.A., CA 90014. Full name of registrant(s) is (are) CAPRICON, INC., 7205 HOLLYWOOD BLVD. #324, L.A., CA 90046. This Business is conducted by: A CORPORATION. Signed: KAMRAN MAHGUBIYAN. This statement was filed with the County Clerk of Los Angeles County on 02/28/12. The registrant(s) has (have) commenced to transact business under the fictitious business name or names listed above on 09/15/2009. NOTICE- This Fictitious Name Statement expires five years from the date it was filed in the office of the County Clerk. A new Fictitious Business Name Statement must be filed prior to that date. The filing of this statement does not of itself authorize the use in this state of a Fictitious Business Name in violation of the rights of another under federal, State, or common law (See section 14411 et seq. Business and Professions Code) Publish: Mountain Views News Dates Pub: March 03, 10, 17, 24, 2012

FICTITIOUS BUSINESS NAME STATEMENT

File No. 2012-034653

The following person(s) is (are) doing business as: GODWIN HANDYMAN, 6951 BRYNHURST AVE., L.A., CA 90043. Full name of registrant(s) is (are) GODWIN STRAUGHAN, 6951 BRYNHURST AVE., L.A., CA 90043. This Business is conducted by: AN INDIVIDUAL. Signed: GODWIN STRAUGHAN. This statement was filed with the County Clerk of Los Angeles County on 03/01/12. The registrant(s) has (have) commenced to transact business under the fictitious business name or names listed above on: N/A. NOTICE- This Fictitious Name Statement expires five years from the date it was filed in the office of the County Clerk. A new Fictitious Business Name Statement must be filed prior to that date. The filing of this statement does not of itself authorize the use in this state of a Fictitious Business Name in violation of the rights of another under federal, State, or common law (See section 14411 et seq. Business and Professions Code) Publish: Mountain Views News Dates Pub: March 03, 10, 17, 24, 2012

FICTITIOUS BUSINESS NAME STATEMENT

File No. 2012-032880

The following person(s) is (are) doing business as: JADE WOOD & NAIL, 1374 E. CARSON, LONG BEACH, CA 90807. Full name of registrant(s) is (are) NGA PHUONG NGUYEN, 8971 HEWITT PL., GARDEN GROVE, CA 92844. This Business is conducted by: AN INDIVIDUAL. Signed: NGA PHUONG NGUYEN. This statement was filed with the County Clerk of Los Angeles County on 02/27/12. The registrant(s) has (have) commenced to transact business under the fictitious business name or names listed above on 02/22/2012. NOTICE- This Fictitious Name Statement expires five years from the date it was filed in the office of the County Clerk. A new Fictitious Business Name Statement must be filed prior to that date. The filing of this statement does not of itself authorize the use in this state of a Fictitious Business Name in violation of the rights of another under federal, State, or common law (See section 14411 et seq. Business and Professions Code) Publish: Mountain Views News Dates Pub: March 03, 10, 17, 24, 2012

FICTITIOUS BUSINESS NAME STATEMENT

File No. 2012-032399

The following person(s) is (are) doing business as: KAMALCOM COMPANY, 2646 W. 235th ST. #A, TORRANCE, CA 90505. Full name of registrant(s) is (are) CARA OKOKAM, 2646 W. 235th ST. #A, TORRANCE, CA 90505. This Business is conducted by: AN INDIVIDUAL. Signed: CARA OKOKAM. This statement was filed with the County Clerk of Los Angeles County on 02/28/12. The registrant(s) has (have) commenced to transact business under the fictitious business name or names listed above on: N/A. NOTICE- This Fictitious Name Statement expires five years from the date it was filed in the office of the County Clerk. A new Fictitious Business Name Statement must be filed prior to that date. The filing of this statement does not of itself authorize the use in this state of a Fictitious Business Name in violation of the rights of another under federal, State, or common law (See section 14411 et seq. Business and Professions Code) Publish: Mountain Views News Dates Pub: March 03, 10, 17, 24, 2012

FICTITIOUS BUSINESS NAME STATEMENT

File No. 2012-032371

The following person(s) is (are) doing business as: KIDDO KARE, 5301 LENA ST., L.A., CA 90032. Full name of registrant(s) is (are) ARTEMI SANCHEZ, 5301 LENA ST., L.A., CA 90032. This Business is conducted by: AN INDIVIDUAL. Signed: ARTEMI SANCHEZ. This statement was filed with the County Clerk of Los Angeles County on 02/28/12. The registrant(s) has (have) commenced to transact business under the fictitious business name or names listed above on: N/A. NOTICE- This Fictitious Name Statement expires five years from the date it was filed in the office of the County Clerk. A new Fictitious Business Name Statement must be filed prior to that date. The filing of this statement does not of itself authorize the use in this state of a Fictitious Business Name in violation of the rights of another under federal, State, or common law (See section 14411 et seq. Business and Professions Code) Publish: Mountain Views News Dates Pub: March 03, 10, 17, 24, 2012

FICTITIOUS BUSINESS NAME STATEMENT

File No. 2012-030415

The following person(s) is (are) doing business as: LE LUXVANO INC., 10909 S. TREJO AV., INGLEWOOD, CA 90304. Full name of registrant(s) is (are) EREK LUXVANO, 10909 S. TREJO AV., INGLEWOOD, CA 90304. This Business is conducted by: AN INDIVIDUAL. Signed: EREK LUXVANO. This statement was filed with the County Clerk of Los Angeles County on 02/24/12. The registrant(s) has (have) commenced to transact business under the fictitious business name or names listed above on: N/A. NOTICE- This Fictitious Name Statement expires five years from the date it was filed in the office of the County Clerk. A new Fictitious Business Name Statement must be filed prior to that date. The filing of this statement does not of itself authorize the use in this state of a Fictitious Business Name in violation of the rights of another under federal, State, or common law (See section 14411 et seq. Business and Professions Code) Publish: Mountain Views News Dates Pub: March 03, 10, 17, 24, 2012

FICTITIOUS BUSINESS NAME STATEMENT

File No. 2012-029947

The following person(s) is (are) doing business as: MY AUTO ANGEL, 12000 W. PICO BLVD., L.A., CA 90064. Full name of registrant(s) is (are) JOSHUA SIMON, 12000 W. PICO BLVD., L.A., CA 90064. This Business is conducted by: AN INDIVIDUAL. Signed: JOSHUA SIMON. This statement was filed with the County Clerk of Los Angeles County on 02/23/12. The registrant(s) has (have) commenced to transact business under the fictitious business name or names listed above on: N/A. NOTICE- This Fictitious Name Statement expires five years from the date it was filed in the office of the County Clerk. A new Fictitious Business Name Statement must be filed prior to that date. The filing of this statement does not of itself authorize the use in this state of a Fictitious Business Name in violation of the rights of another under federal, State, or common law (See section 14411 et seq. Business and Professions Code) Publish: Mountain Views News Dates Pub: March 03, 10, 17, 24, 2012

FICTITIOUS BUSINESS NAME STATEMENT

File No. 2012-030898

The following person(s) is (are) doing business as: OM WELLNESS CENTER, 10505 VALLEY BLVD. STE 108, EL MONTE, CA 91731. Full name of registrant(s) is (are) MARGARITA RAMIREZ, 14657 MAGNOLIA ST., WESTMINSTER, CA 92683, JOANNA ARMAS, 6231 RIVIERA AVE. #3, NORWALK, CA 90650. This Business is conducted by: A GENERAL PARTNERSHIP. Signed: MARGARITA RAMIREZ. This statement was filed with the County Clerk of Los Angeles County on 02/27/12. The registrant(s) has (have) commenced to transact business under the fictitious business name or names listed above on: N/A. NOTICE- This Fictitious Name Statement expires five years from the date it was filed in the office of the County Clerk. A new Fictitious Business Name Statement must be filed prior to that date. The filing of this statement does not of itself authorize the use in this state of a Fictitious Business Name in violation of the rights of another under federal, State, or common law (See section 14411 et seq. Business and Professions Code) Publish: Mountain Views News Dates Pub: March 03, 10, 17, 24, 2012

FICTITIOUS BUSINESS NAME STATEMENT

File No. 2012-031686

The following person(s) is (are) doing business as: RD FACTOR, 8763 WALTER AVE., BELLFLOWER, CA 90640. Full name of registrant(s) is (are) RYAN DUNSMORE, 8763 WALTER AVE., BELLFLOWER, CA 90640. This Business is conducted by: AN INDIVIDUAL. Signed: RYAN DUNSMORE. This statement was filed with the County Clerk of Los Angeles County on 02/27/12. The registrant(s) has (have) commenced to transact business under the fictitious business name or names listed above on: N/A. NOTICE- This Fictitious Name Statement expires five years from the date it was filed in the office of the County Clerk. A new Fictitious Business Name Statement must be filed prior to that date. The filing of this statement does not of itself authorize the use in this state of a Fictitious Business Name in violation of the rights of another under federal, State, or common law (See section 14411 et seq. Business and Professions Code) Publish: Mountain Views News Dates Pub: March 03, 10, 17, 24, 2012

FICTITIOUS BUSINESS NAME STATEMENT

File No. 2012-032538

The following person(s) is (are) doing business as:

Mountain Views News 80 W Sierra Madre Blvd. No. 327 Sierra Madre, Ca. 91024 Office: 626.355.2737 Fax: 626.609.3285 Email: editor@mtnviewsnews.com Website: www.mtnviewsnews.com
